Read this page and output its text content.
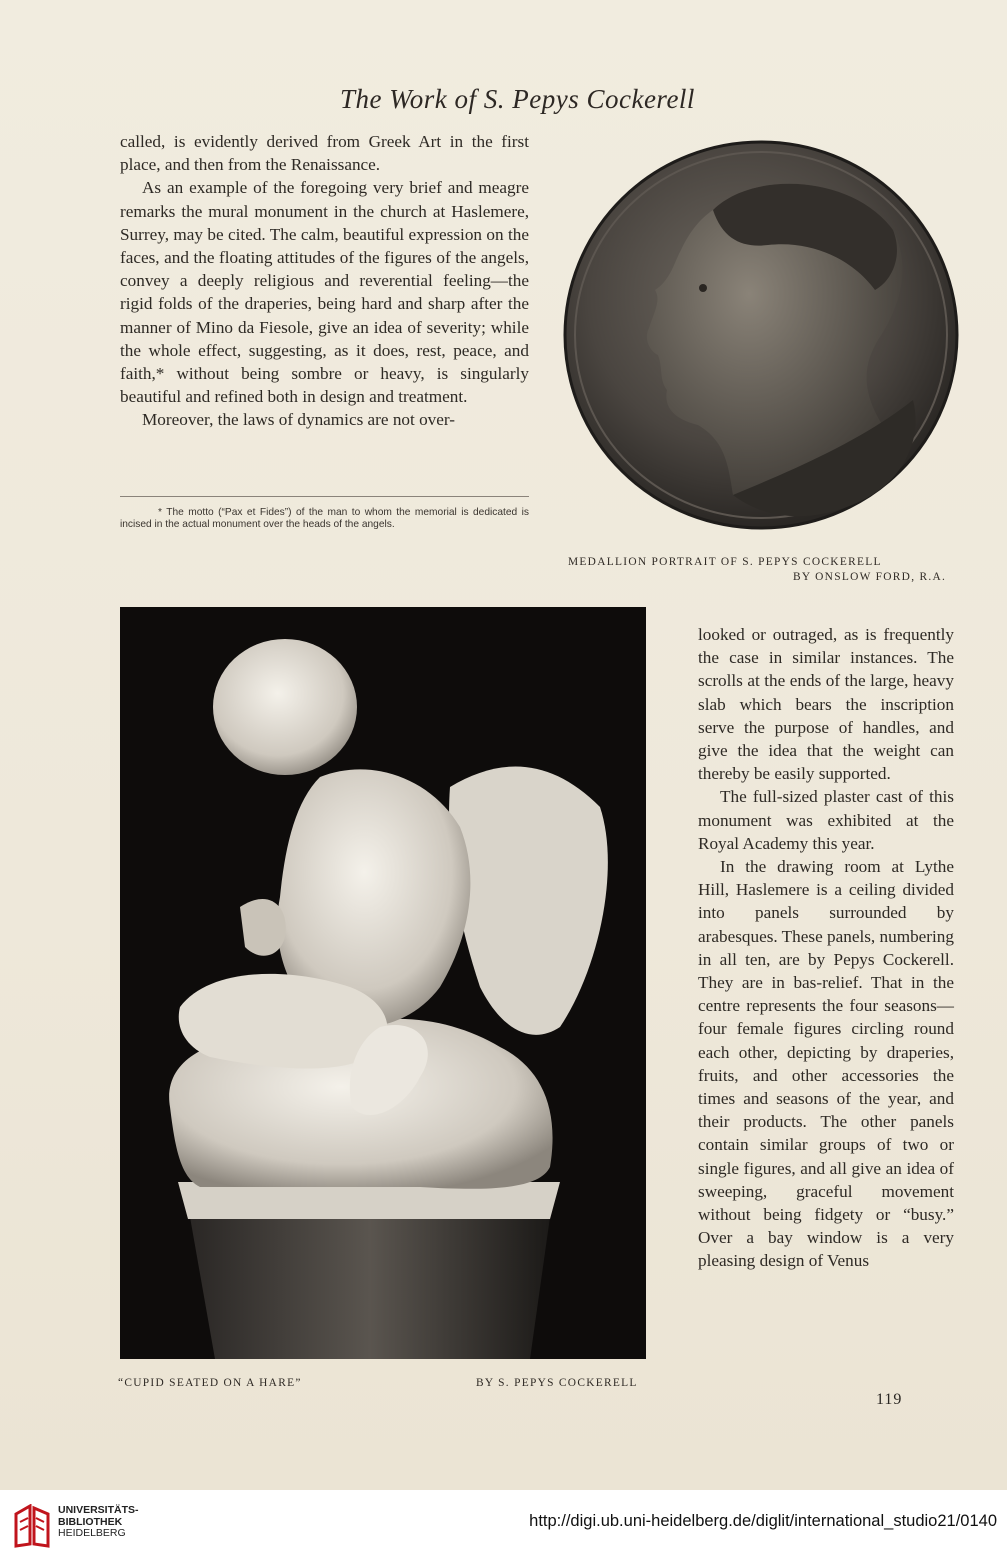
The Work of S. Pepys Cockerell

called, is evidently derived from Greek Art in the first place, and then from the Renaissance.

As an example of the foregoing very brief and meagre remarks the mural monument in the church at Haslemere, Surrey, may be cited. The calm, beautiful expression on the faces, and the floating attitudes of the figures of the angels, convey a deeply religious and reverential feeling—the rigid folds of the draperies, being hard and sharp after the manner of Mino da Fiesole, give an idea of severity; while the whole effect, suggesting, as it does, rest, peace, and faith,* without being sombre or heavy, is singularly beautiful and refined both in design and treatment.

Moreover, the laws of dynamics are not over-

* The motto (“Pax et Fides”) of the man to whom the memorial is dedicated is incised in the actual monument over the heads of the angels.
MEDALLION PORTRAIT OF S. PEPYS COCKERELL
BY ONSLOW FORD, R.A.
“CUPID SEATED ON A HARE”	BY S. PEPYS COCKERELL

looked or outraged, as is frequently the case in similar instances. The scrolls at the ends of the large, heavy slab which bears the inscription serve the purpose of handles, and give the idea that the weight can thereby be easily supported.

The full-sized plaster cast of this monument was exhibited at the Royal Academy this year.

In the drawing room at Lythe Hill, Haslemere is a ceiling divided into panels surrounded by arabesques. These panels, numbering in all ten, are by Pepys Cockerell. They are in bas-relief. That in the centre represents the four seasons—four female figures circling round each other, depicting by draperies, fruits, and other accessories the times and seasons of the year, and their products. The other panels contain similar groups of two or single figures, and all give an idea of sweeping, graceful movement without being fidgety or “busy.” Over a bay window is a very pleasing design of Venus

119
UNIVERSITÄTS-
BIBLIOTHEK
HEIDELBERG
http://digi.ub.uni-heidelberg.de/diglit/international_studio21/0140
